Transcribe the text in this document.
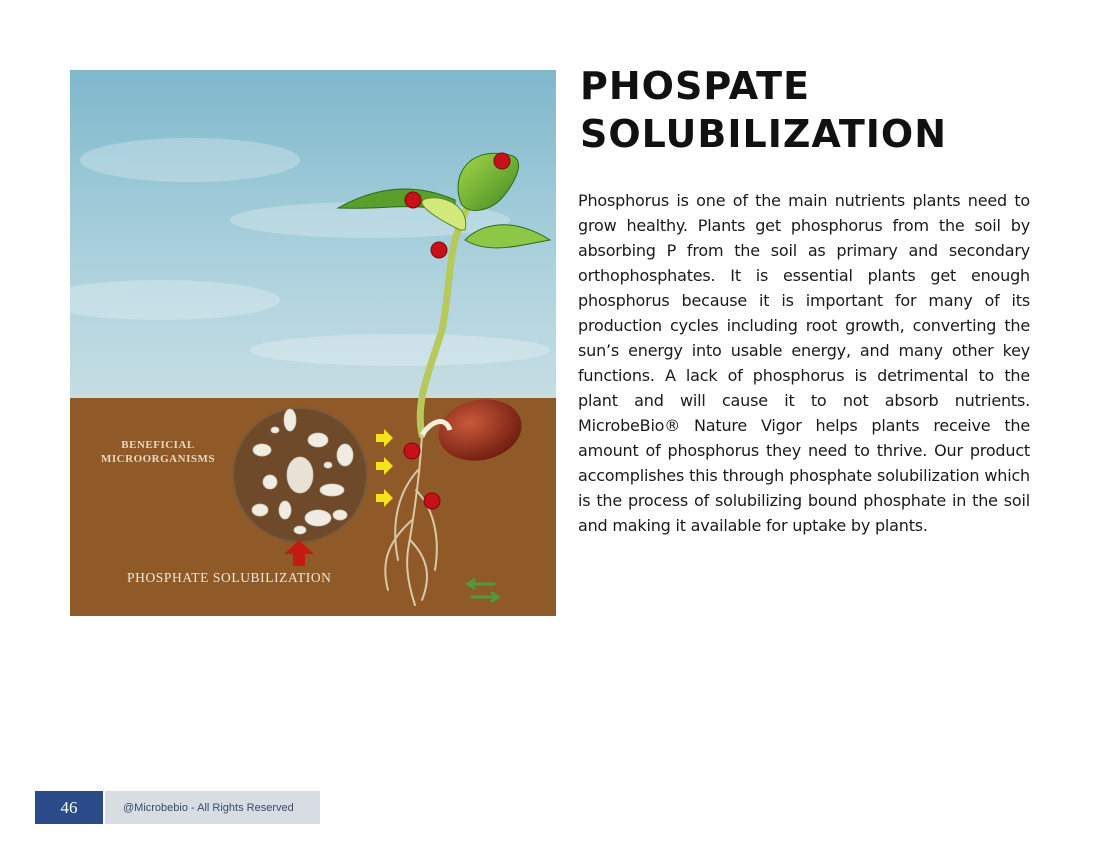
BENEFICIAL
MICROORGANISMS
PHOSPHATE SOLUBILIZATION
PHOSPATE
SOLUBILIZATION

Phosphorus is one of the main nutrients plants need to grow healthy. Plants get phosphorus from the soil by absorbing P from the soil as primary and secondary orthophosphates. It is essential plants get enough phosphorus because it is important for many of its production cycles including root growth, converting the sun’s energy into usable energy, and many other key functions. A lack of phosphorus is detrimental to the plant and will cause it to not absorb nutrients. MicrobeBio® Nature Vigor helps plants receive the amount of phosphorus they need to thrive. Our product accomplishes this through phosphate solubilization which is the process of solubilizing bound phosphate in the soil and making it available for uptake by plants.

46	@Microbebio - All Rights Reserved
